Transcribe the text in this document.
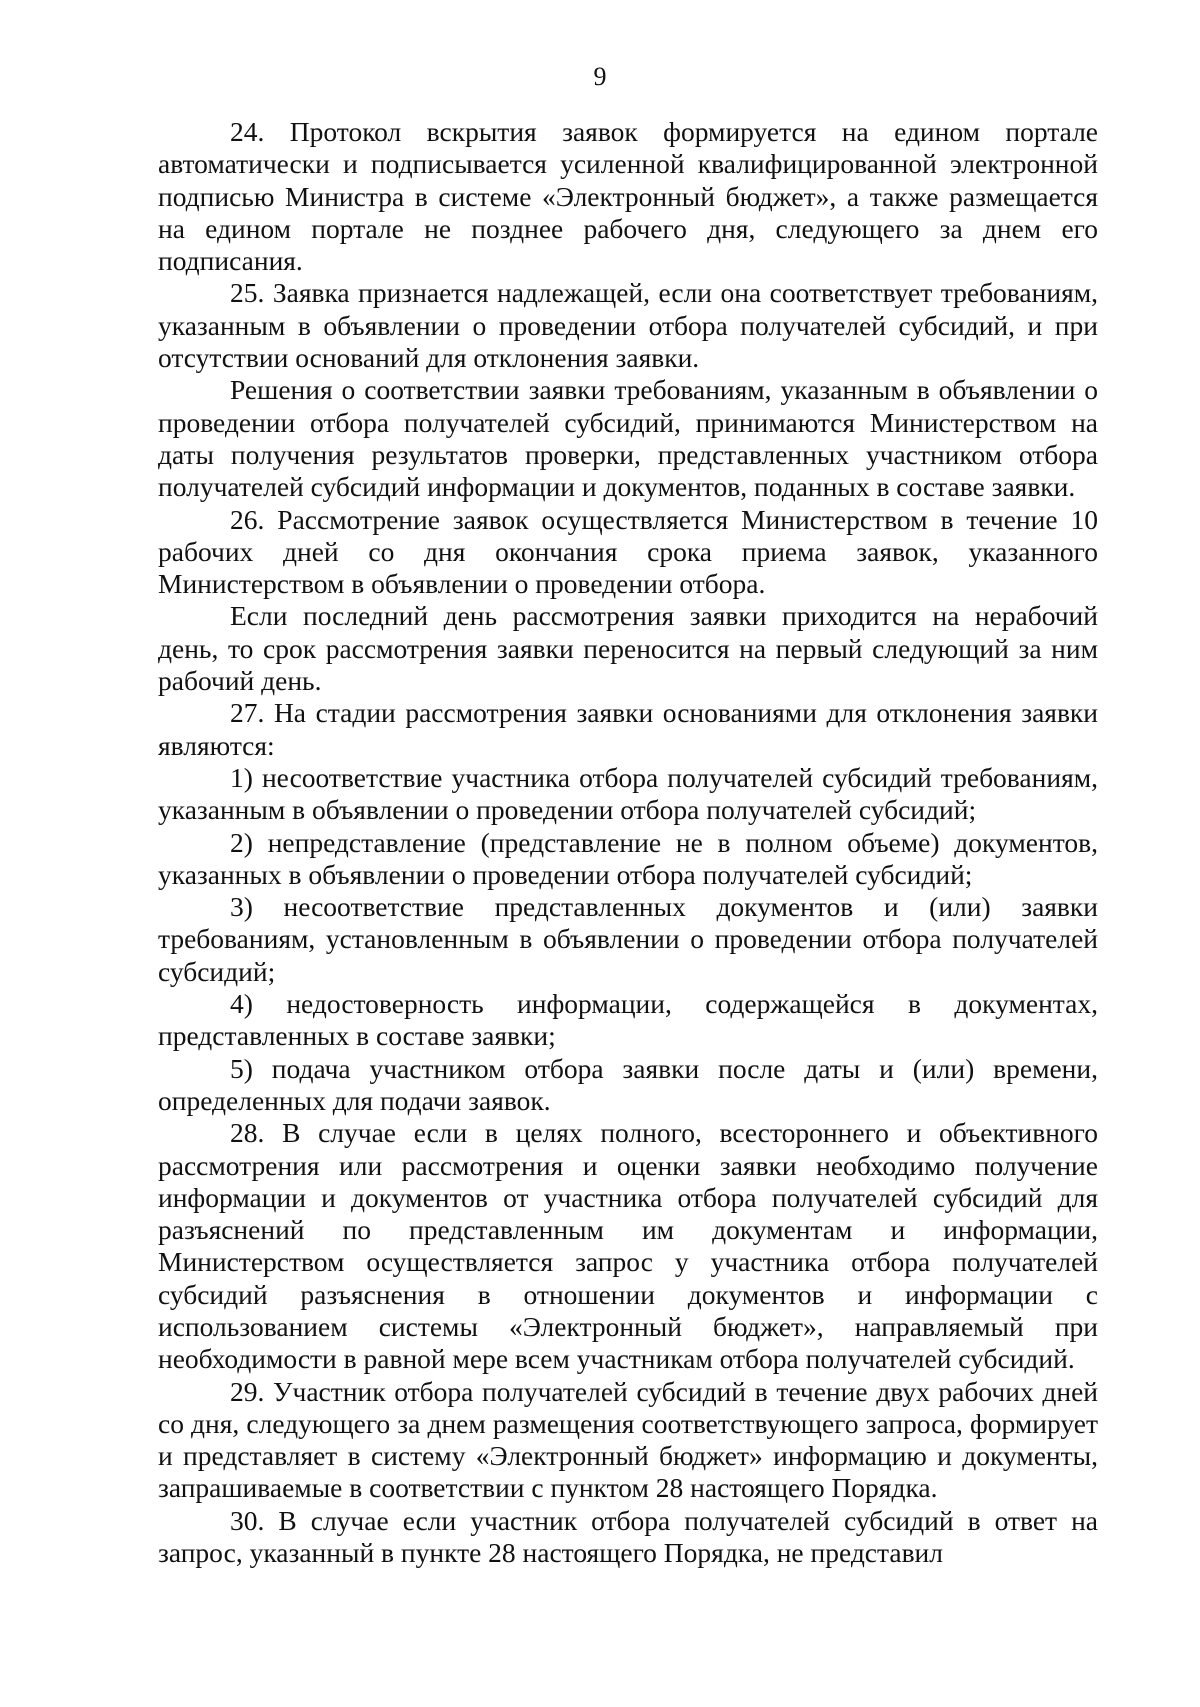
9

24. Протокол вскрытия заявок формируется на едином портале автоматически и подписывается усиленной квалифицированной электронной подписью Министра в системе «Электронный бюджет», а также размещается на едином портале не позднее рабочего дня, следующего за днем его подписания.

25. Заявка признается надлежащей, если она соответствует требованиям, указанным в объявлении о проведении отбора получателей субсидий, и при отсутствии оснований для отклонения заявки.

Решения о соответствии заявки требованиям, указанным в объявлении о проведении отбора получателей субсидий, принимаются Министерством на даты получения результатов проверки, представленных участником отбора получателей субсидий информации и документов, поданных в составе заявки.

26. Рассмотрение заявок осуществляется Министерством в течение 10 рабочих дней со дня окончания срока приема заявок, указанного Министерством в объявлении о проведении отбора.

Если последний день рассмотрения заявки приходится на нерабочий день, то срок рассмотрения заявки переносится на первый следующий за ним рабочий день.

27. На стадии рассмотрения заявки основаниями для отклонения заявки являются:

1) несоответствие участника отбора получателей субсидий требованиям, указанным в объявлении о проведении отбора получателей субсидий;

2) непредставление (представление не в полном объеме) документов, указанных в объявлении о проведении отбора получателей субсидий;

3) несоответствие представленных документов и (или) заявки требованиям, установленным в объявлении о проведении отбора получателей субсидий;

4) недостоверность информации, содержащейся в документах, представленных в составе заявки;

5) подача участником отбора заявки после даты и (или) времени, определенных для подачи заявок.

28. В случае если в целях полного, всестороннего и объективного рассмотрения или рассмотрения и оценки заявки необходимо получение информации и документов от участника отбора получателей субсидий для разъяснений по представленным им документам и информации, Министерством осуществляется запрос у участника отбора получателей субсидий разъяснения в отношении документов и информации с использованием системы «Электронный бюджет», направляемый при необходимости в равной мере всем участникам отбора получателей субсидий.

29. Участник отбора получателей субсидий в течение двух рабочих дней со дня, следующего за днем размещения соответствующего запроса, формирует и представляет в систему «Электронный бюджет» информацию и документы, запрашиваемые в соответствии с пунктом 28 настоящего Порядка.

30. В случае если участник отбора получателей субсидий в ответ на запрос, указанный в пункте 28 настоящего Порядка, не представил
